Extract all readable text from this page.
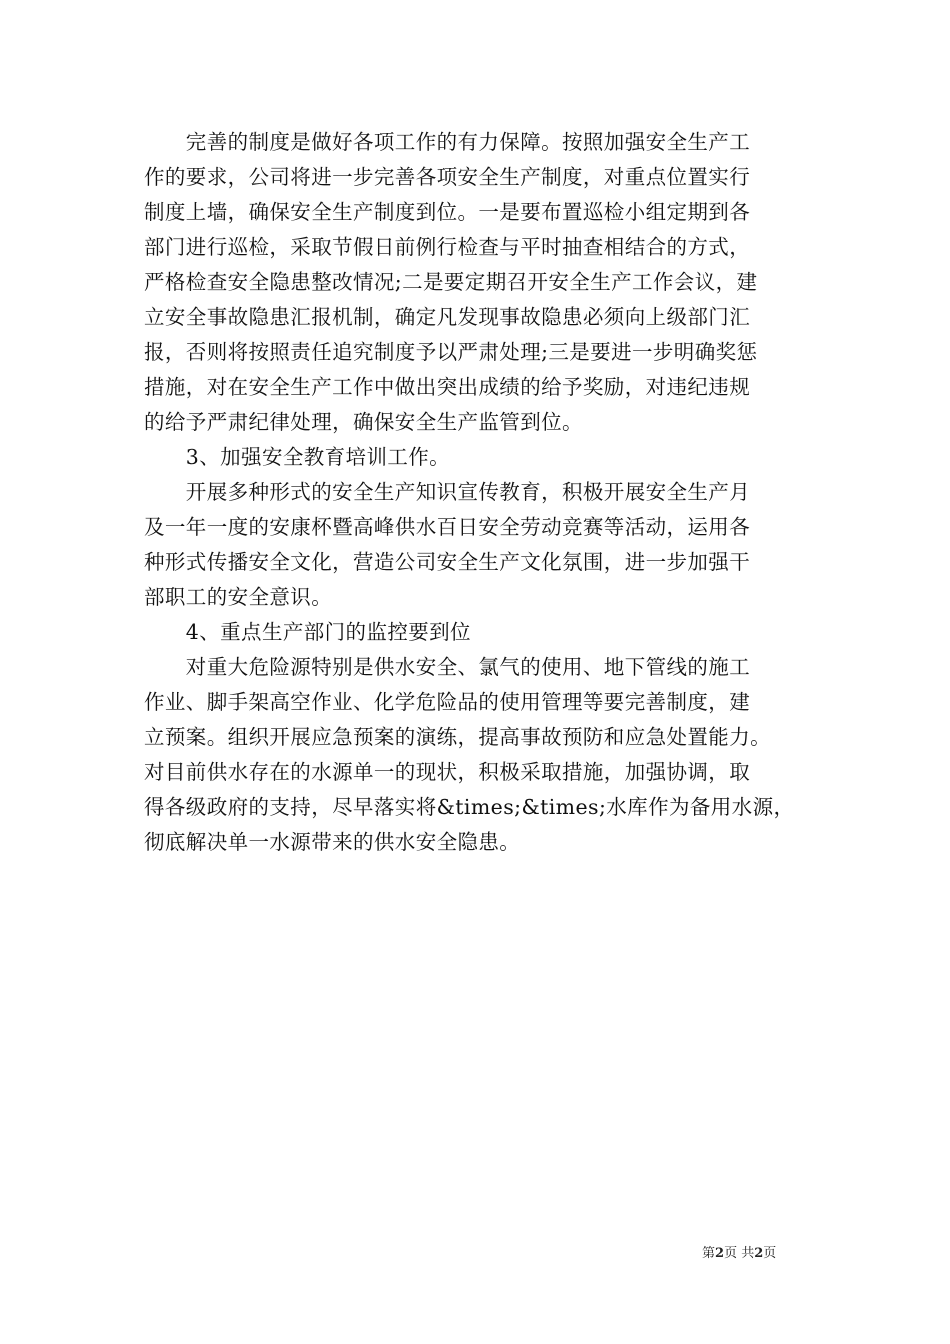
　　完善的制度是做好各项工作的有力保障。按照加强安全生产工
作的要求，公司将进一步完善各项安全生产制度，对重点位置实行
制度上墙，确保安全生产制度到位。一是要布置巡检小组定期到各
部门进行巡检，采取节假日前例行检查与平时抽查相结合的方式，
严格检查安全隐患整改情况;二是要定期召开安全生产工作会议，建
立安全事故隐患汇报机制，确定凡发现事故隐患必须向上级部门汇
报，否则将按照责任追究制度予以严肃处理;三是要进一步明确奖惩
措施，对在安全生产工作中做出突出成绩的给予奖励，对违纪违规
的给予严肃纪律处理，确保安全生产监管到位。
　　3、加强安全教育培训工作。
　　开展多种形式的安全生产知识宣传教育，积极开展安全生产月
及一年一度的安康杯暨高峰供水百日安全劳动竞赛等活动，运用各
种形式传播安全文化，营造公司安全生产文化氛围，进一步加强干
部职工的安全意识。
　　4、重点生产部门的监控要到位
　　对重大危险源特别是供水安全、氯气的使用、地下管线的施工
作业、脚手架高空作业、化学危险品的使用管理等要完善制度，建
立预案。组织开展应急预案的演练，提高事故预防和应急处置能力。
对目前供水存在的水源单一的现状，积极采取措施，加强协调，取
得各级政府的支持，尽早落实将&times;&times;水库作为备用水源，
彻底解决单一水源带来的供水安全隐患。
第2页 共2页
